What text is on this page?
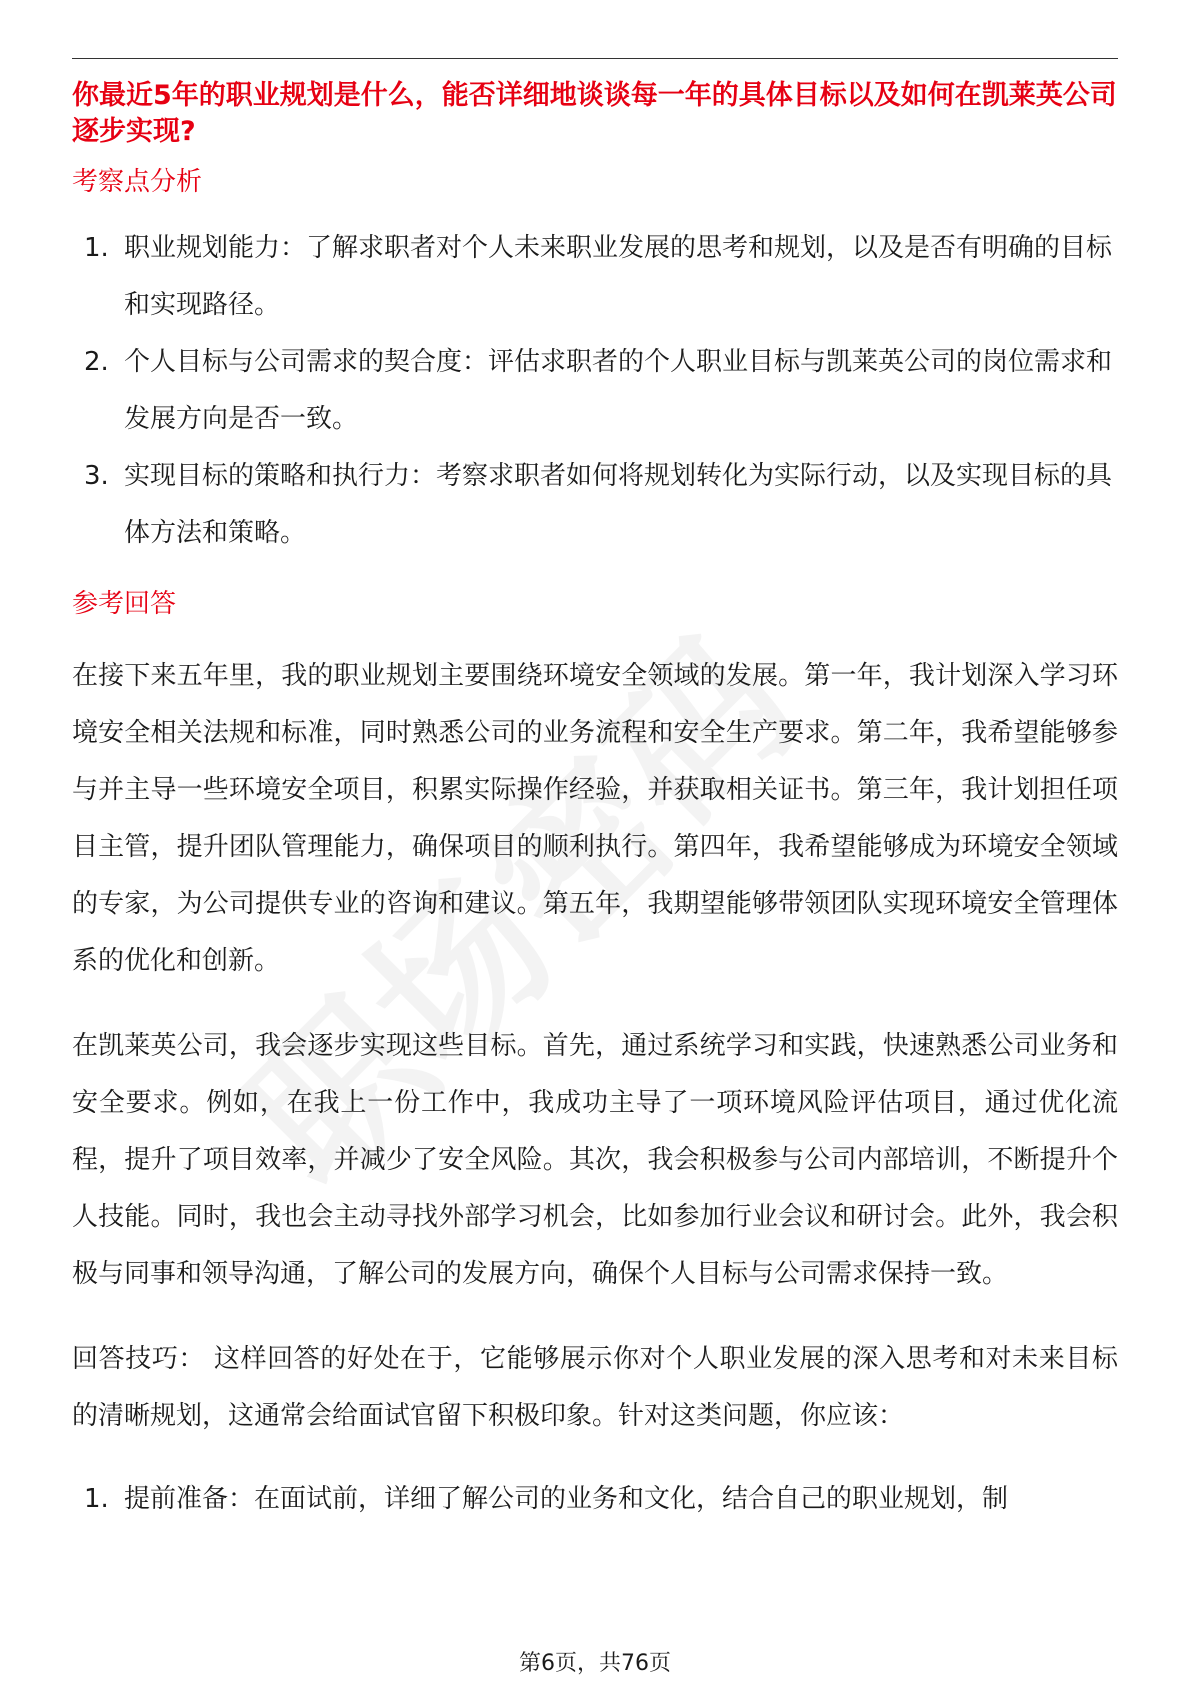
你最近5年的职业规划是什么，能否详细地谈谈每一年的具体目标以及如何在凯莱英公司逐步实现?
考察点分析
1. 职业规划能力：了解求职者对个人未来职业发展的思考和规划，以及是否有明确的目标和实现路径。
2. 个人目标与公司需求的契合度：评估求职者的个人职业目标与凯莱英公司的岗位需求和发展方向是否一致。
3. 实现目标的策略和执行力：考察求职者如何将规划转化为实际行动，以及实现目标的具体方法和策略。
参考回答

在接下来五年里，我的职业规划主要围绕环境安全领域的发展。第一年，我计划深入学习环境安全相关法规和标准，同时熟悉公司的业务流程和安全生产要求。第二年，我希望能够参与并主导一些环境安全项目，积累实际操作经验，并获取相关证书。第三年，我计划担任项目主管，提升团队管理能力，确保项目的顺利执行。第四年，我希望能够成为环境安全领域的专家，为公司提供专业的咨询和建议。第五年，我期望能够带领团队实现环境安全管理体系的优化和创新。

在凯莱英公司，我会逐步实现这些目标。首先，通过系统学习和实践，快速熟悉公司业务和安全要求。例如，在我上一份工作中，我成功主导了一项环境风险评估项目，通过优化流程，提升了项目效率，并减少了安全风险。其次，我会积极参与公司内部培训，不断提升个人技能。同时，我也会主动寻找外部学习机会，比如参加行业会议和研讨会。此外，我会积极与同事和领导沟通，了解公司的发展方向，确保个人目标与公司需求保持一致。

回答技巧： 这样回答的好处在于，它能够展示你对个人职业发展的深入思考和对未来目标的清晰规划，这通常会给面试官留下积极印象。针对这类问题，你应该：

1. 提前准备：在面试前，详细了解公司的业务和文化，结合自己的职业规划，制
第6页，共76页
